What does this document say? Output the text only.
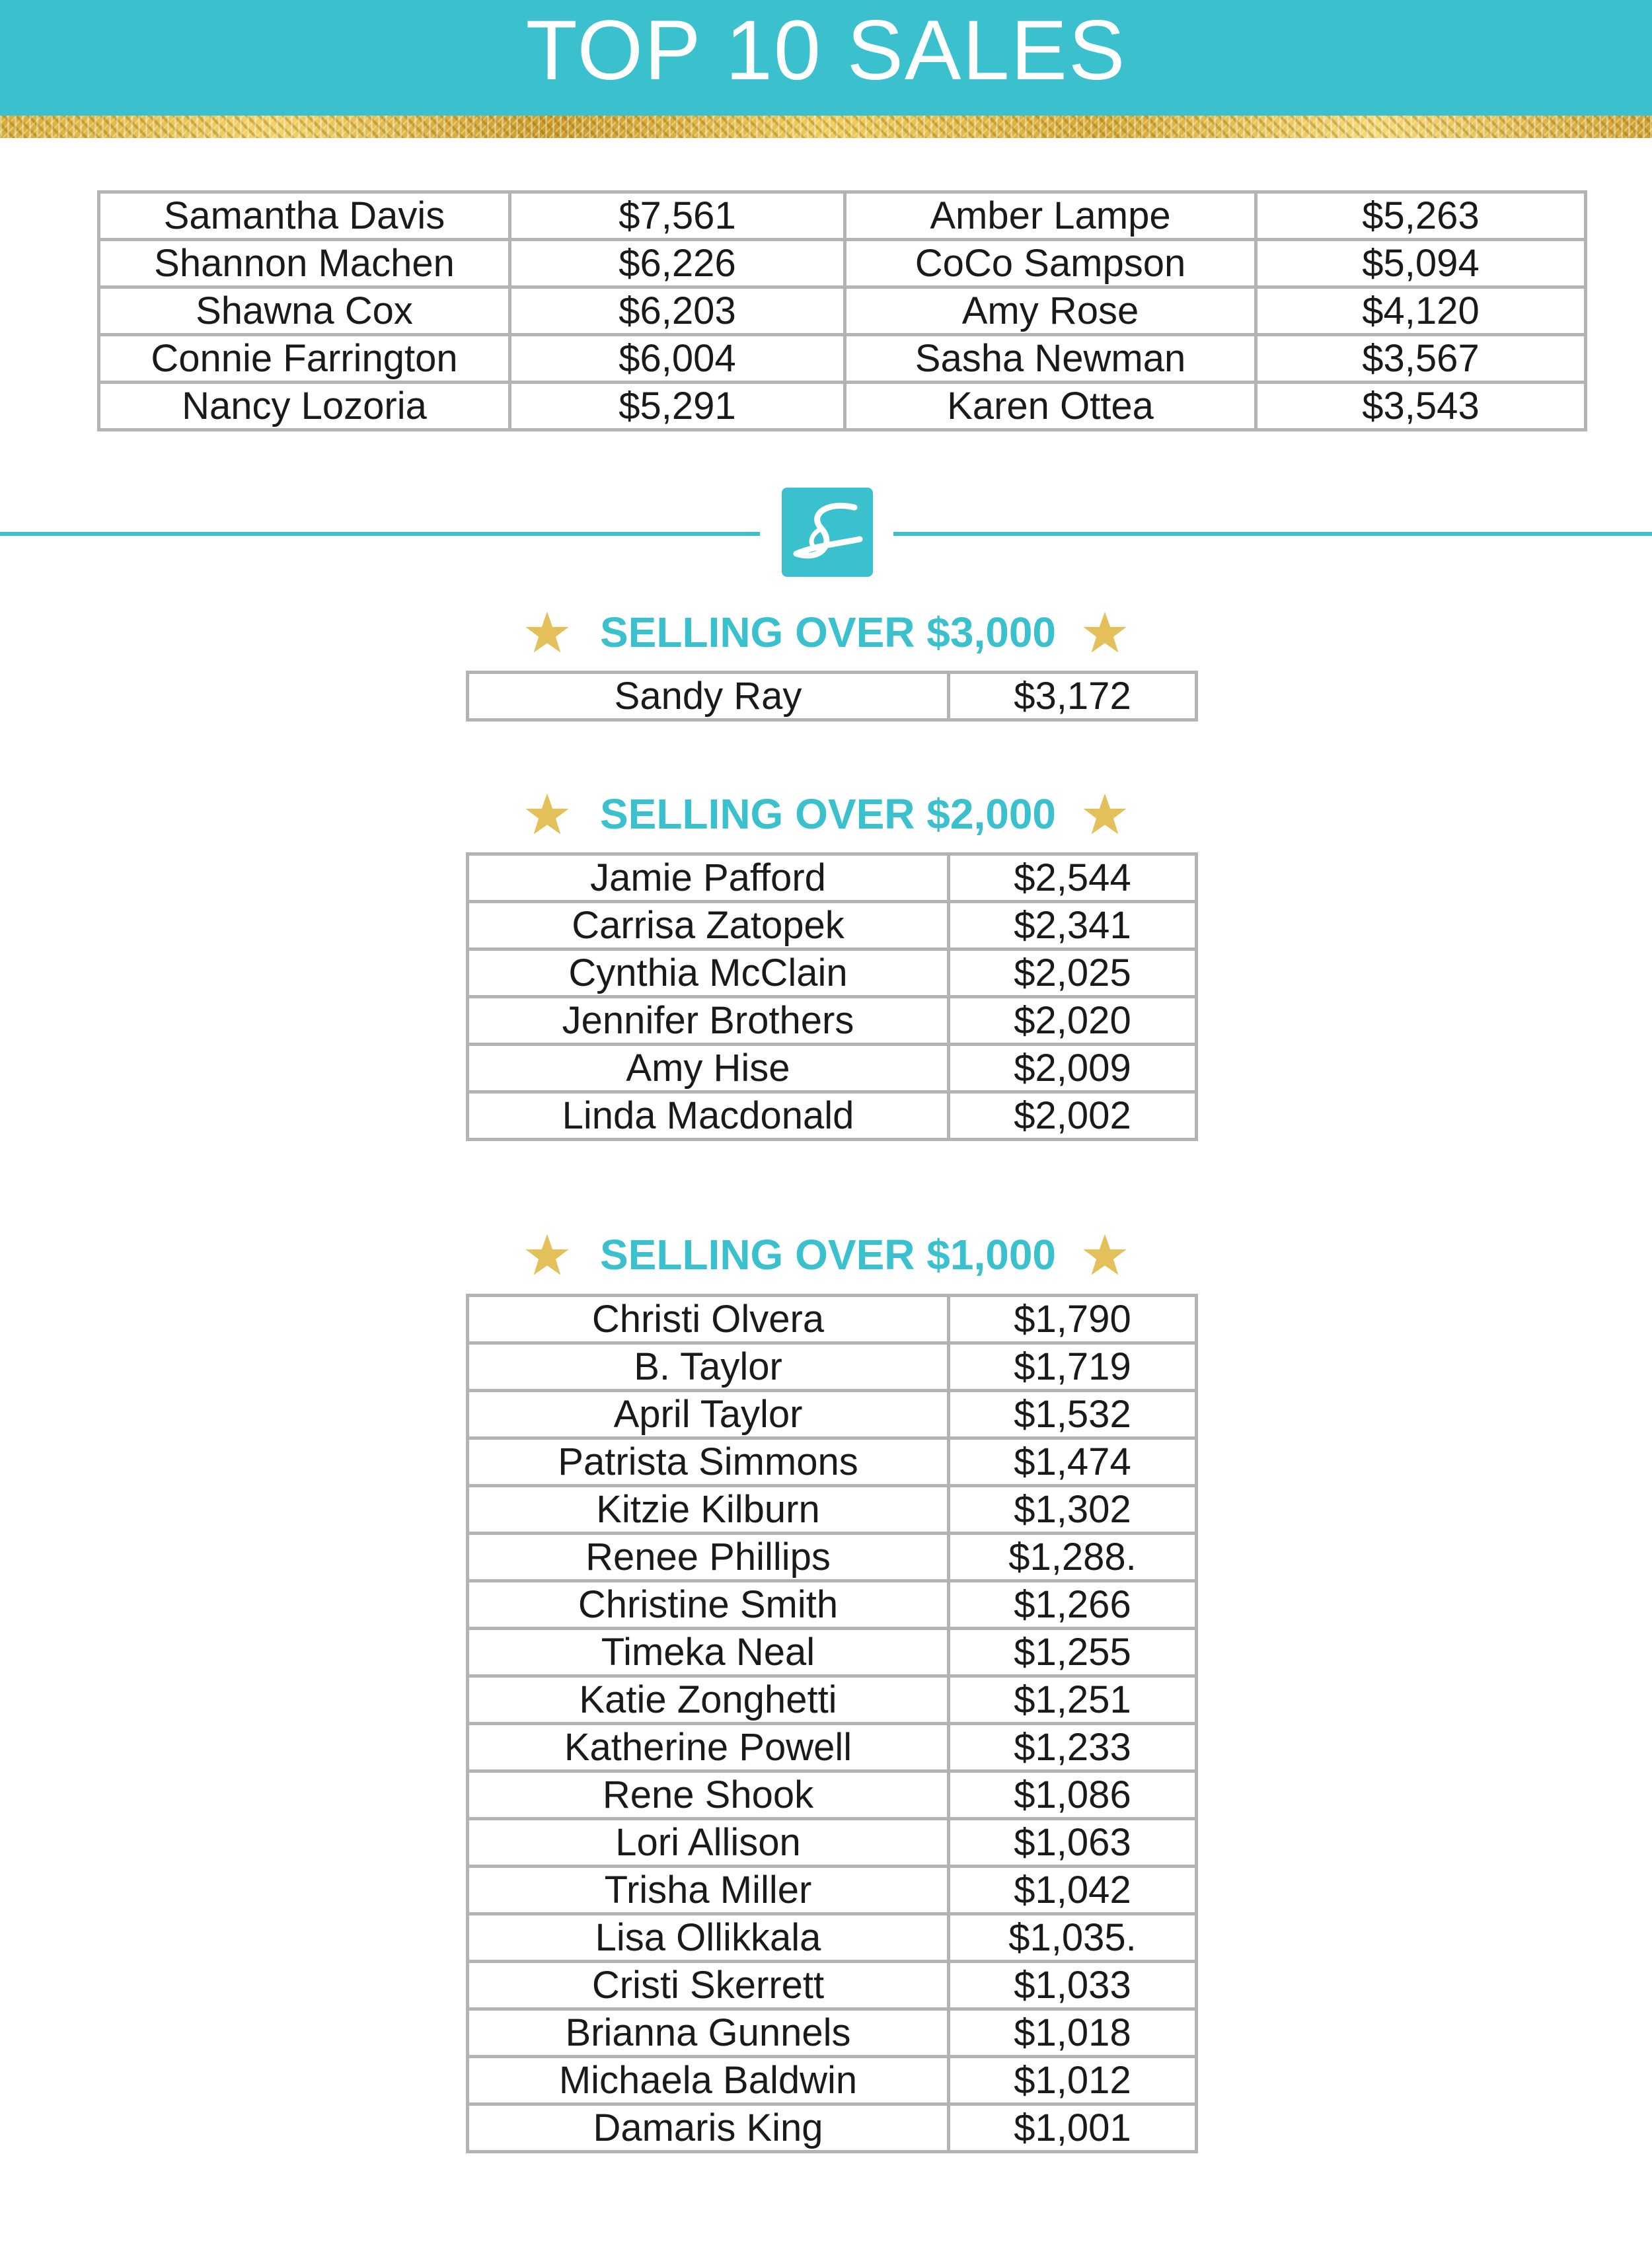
TOP 10 SALES
Samantha Davis	$7,561	Amber Lampe	$5,263
Shannon Machen	$6,226	CoCo Sampson	$5,094
Shawna Cox	$6,203	Amy Rose	$4,120
Connie Farrington	$6,004	Sasha Newman	$3,567
Nancy Lozoria	$5,291	Karen Ottea	$3,543
SELLING OVER $3,000
Sandy Ray	$3,172
SELLING OVER $2,000
Jamie Pafford	$2,544
Carrisa Zatopek	$2,341
Cynthia McClain	$2,025
Jennifer Brothers	$2,020
Amy Hise	$2,009
Linda Macdonald	$2,002
SELLING OVER $1,000
Christi Olvera	$1,790
B. Taylor	$1,719
April Taylor	$1,532
Patrista Simmons	$1,474
Kitzie Kilburn	$1,302
Renee Phillips	$1,288.
Christine Smith	$1,266
Timeka Neal	$1,255
Katie Zonghetti	$1,251
Katherine Powell	$1,233
Rene Shook	$1,086
Lori Allison	$1,063
Trisha Miller	$1,042
Lisa Ollikkala	$1,035.
Cristi Skerrett	$1,033
Brianna Gunnels	$1,018
Michaela Baldwin	$1,012
Damaris King	$1,001
